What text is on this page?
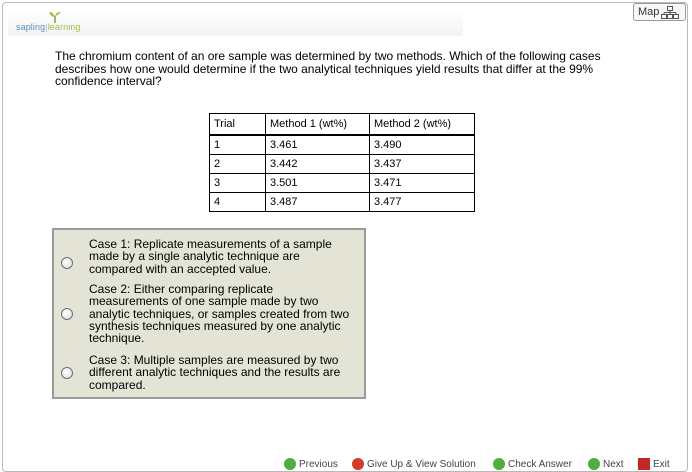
sapling|learning
Map
The chromium content of an ore sample was determined by two methods. Which of the following cases describes how one would determine if the two analytical techniques yield results that differ at the 99% confidence interval?
Trial	Method 1 (wt%)	Method 2 (wt%)
1	3.461	3.490
2	3.442	3.437
3	3.501	3.471
4	3.487	3.477
Case 1: Replicate measurements of a sample made by a single analytic technique are compared with an accepted value.
Case 2: Either comparing replicate measurements of one sample made by two analytic techniques, or samples created from two synthesis techniques measured by one analytic technique.
Case 3: Multiple samples are measured by two different analytic techniques and the results are compared.
Previous	Give Up & View Solution	Check Answer	Next	Exit
